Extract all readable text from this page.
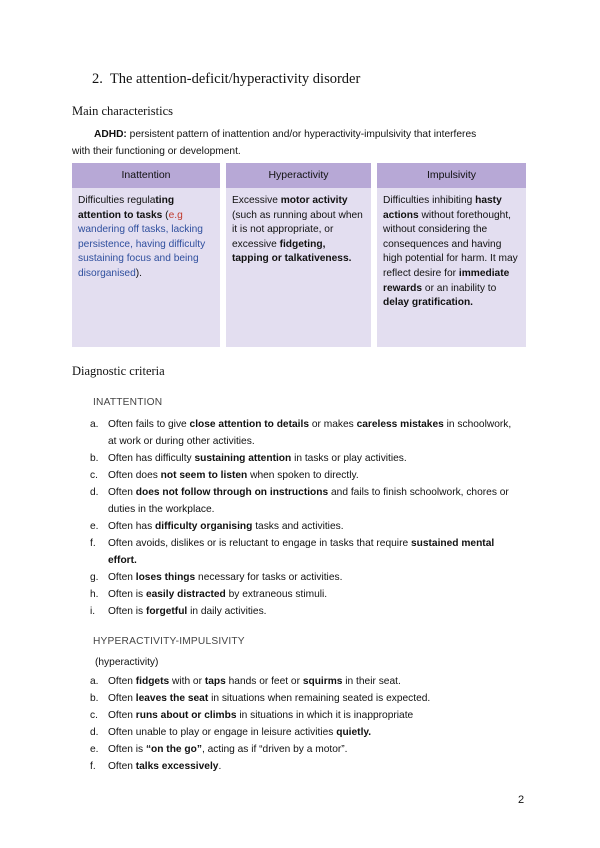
2. The attention-deficit/hyperactivity disorder
Main characteristics
ADHD: persistent pattern of inattention and/or hyperactivity-impulsivity that interferes
with their functioning or development.
Inattention
Difficulties regulating attention to tasks (e.g wandering off tasks, lacking persistence, having difficulty sustaining focus and being disorganised).
Hyperactivity
Excessive motor activity (such as running about when it is not appropriate, or excessive fidgeting, tapping or talkativeness.
Impulsivity
Difficulties inhibiting hasty actions without forethought, without considering the consequences and having high potential for harm. It may reflect desire for immediate rewards or an inability to delay gratification.
Diagnostic criteria
INATTENTION
a. Often fails to give close attention to details or makes careless mistakes in schoolwork, at work or during other activities.
b. Often has difficulty sustaining attention in tasks or play activities.
c. Often does not seem to listen when spoken to directly.
d. Often does not follow through on instructions and fails to finish schoolwork, chores or duties in the workplace.
e. Often has difficulty organising tasks and activities.
f. Often avoids, dislikes or is reluctant to engage in tasks that require sustained mental effort.
g. Often loses things necessary for tasks or activities.
h. Often is easily distracted by extraneous stimuli.
i. Often is forgetful in daily activities.
HYPERACTIVITY-IMPULSIVITY
(hyperactivity)
a. Often fidgets with or taps hands or feet or squirms in their seat.
b. Often leaves the seat in situations when remaining seated is expected.
c. Often runs about or climbs in situations in which it is inappropriate
d. Often unable to play or engage in leisure activities quietly.
e. Often is “on the go”, acting as if “driven by a motor”.
f. Often talks excessively.
2
